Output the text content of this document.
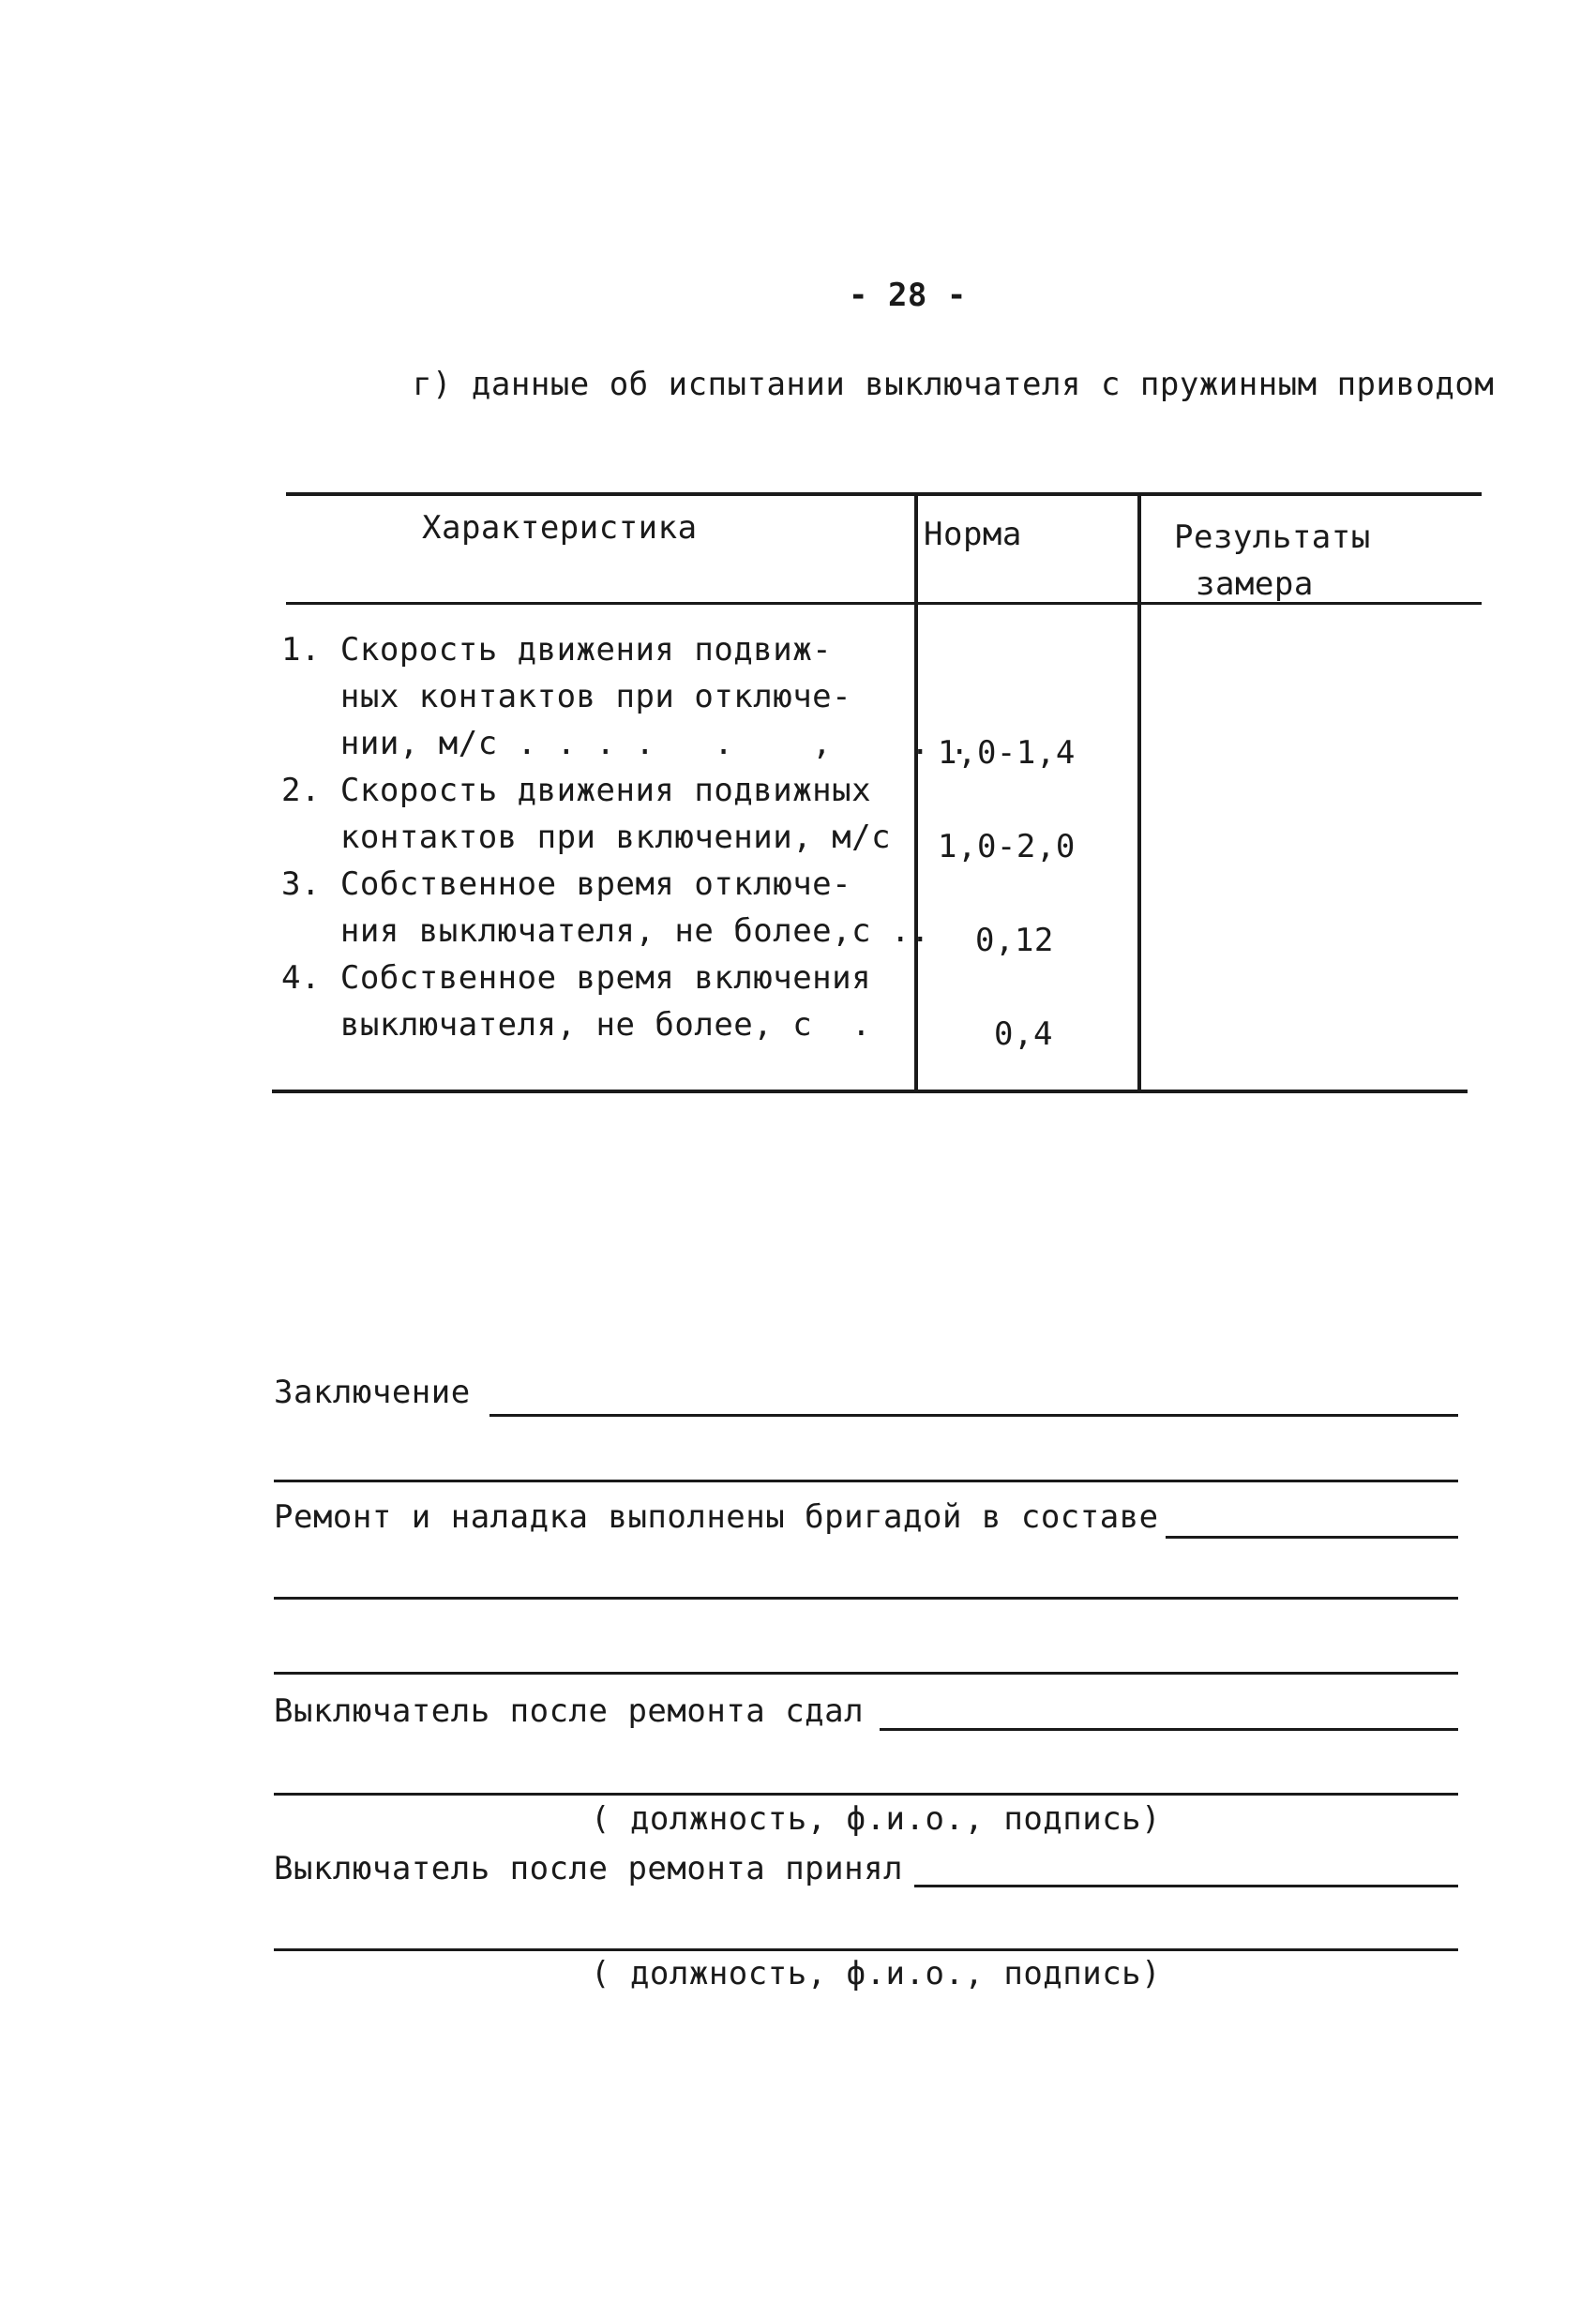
- 28 -
г) данные об испытании выключателя с пружинным приводом
Характеристика	Норма	Результаты
замера
1. Скорость движения подвиж-
ных контактов при отключе-
нии, м/с . . . .   .    ,    . .
1,0-1,4
2. Скорость движения подвижных
контактов при включении, м/с 1,0-2,0
3. Собственное время отключе-
ния выключателя, не более,с .. 0,12
4. Собственное время включения
выключателя, не более, с  .	0,4
Заключение
Ремонт и наладка выполнены бригадой в составе
Выключатель после ремонта сдал
( должность, ф.и.о., подпись)
Выключатель после ремонта принял
( должность, ф.и.о., подпись)
